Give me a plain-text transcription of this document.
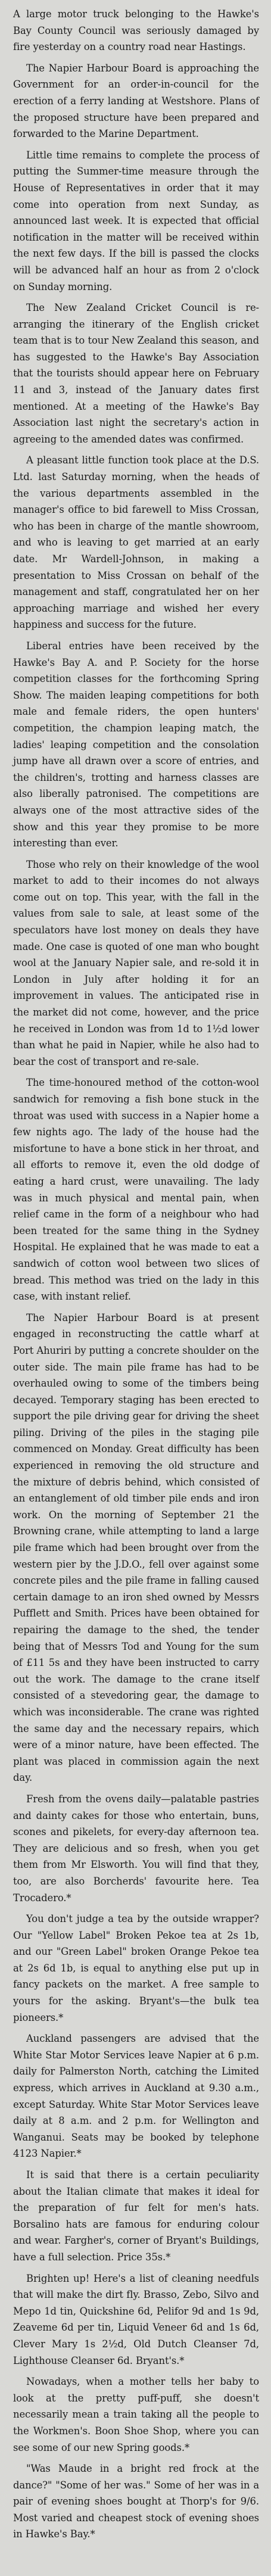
A large motor truck belonging to the Hawke's Bay County Council was seriously damaged by fire yesterday on a country road near Hastings.

The Napier Harbour Board is approaching the Government for an order-in-council for the erection of a ferry landing at Westshore. Plans of the proposed structure have been prepared and forwarded to the Marine Department.

Little time remains to complete the process of putting the Summer-time measure through the House of Representatives in order that it may come into operation from next Sunday, as announced last week. It is expected that official notification in the matter will be received within the next few days. If the bill is passed the clocks will be advanced half an hour as from 2 o'clock on Sunday morning.

The New Zealand Cricket Council is re-arranging the itinerary of the English cricket team that is to tour New Zealand this season, and has suggested to the Hawke's Bay Association that the tourists should appear here on February 11 and 3, instead of the January dates first mentioned. At a meeting of the Hawke's Bay Association last night the secretary's action in agreeing to the amended dates was confirmed.

A pleasant little function took place at the D.S. Ltd. last Saturday morning, when the heads of the various departments assembled in the manager's office to bid farewell to Miss Crossan, who has been in charge of the mantle showroom, and who is leaving to get married at an early date. Mr Wardell-Johnson, in making a presentation to Miss Crossan on behalf of the management and staff, congratulated her on her approaching marriage and wished her every happiness and success for the future.

Liberal entries have been received by the Hawke's Bay A. and P. Society for the horse competition classes for the forthcoming Spring Show. The maiden leaping competitions for both male and female riders, the open hunters' competition, the champion leaping match, the ladies' leaping competition and the consolation jump have all drawn over a score of entries, and the children's, trotting and harness classes are also liberally patronised. The competitions are always one of the most attractive sides of the show and this year they promise to be more interesting than ever.

Those who rely on their knowledge of the wool market to add to their incomes do not always come out on top. This year, with the fall in the values from sale to sale, at least some of the speculators have lost money on deals they have made. One case is quoted of one man who bought wool at the January Napier sale, and re-sold it in London in July after holding it for an improvement in values. The anticipated rise in the market did not come, however, and the price he received in London was from 1d to 1½d lower than what he paid in Napier, while he also had to bear the cost of transport and re-sale.

The time-honoured method of the cotton-wool sandwich for removing a fish bone stuck in the throat was used with success in a Napier home a few nights ago. The lady of the house had the misfortune to have a bone stick in her throat, and all efforts to remove it, even the old dodge of eating a hard crust, were unavailing. The lady was in much physical and mental pain, when relief came in the form of a neighbour who had been treated for the same thing in the Sydney Hospital. He explained that he was made to eat a sandwich of cotton wool between two slices of bread. This method was tried on the lady in this case, with instant relief.

The Napier Harbour Board is at present engaged in reconstructing the cattle wharf at Port Ahuriri by putting a concrete shoulder on the outer side. The main pile frame has had to be overhauled owing to some of the timbers being decayed. Temporary staging has been erected to support the pile driving gear for driving the sheet piling. Driving of the piles in the staging pile commenced on Monday. Great difficulty has been experienced in removing the old structure and the mixture of debris behind, which consisted of an entanglement of old timber pile ends and iron work. On the morning of September 21 the Browning crane, while attempting to land a large pile frame which had been brought over from the western pier by the J.D.O., fell over against some concrete piles and the pile frame in falling caused certain damage to an iron shed owned by Messrs Pufflett and Smith. Prices have been obtained for repairing the damage to the shed, the tender being that of Messrs Tod and Young for the sum of £11 5s and they have been instructed to carry out the work. The damage to the crane itself consisted of a stevedoring gear, the damage to which was inconsiderable. The crane was righted the same day and the necessary repairs, which were of a minor nature, have been effected. The plant was placed in commission again the next day.

Fresh from the ovens daily—palatable pastries and dainty cakes for those who entertain, buns, scones and pikelets, for every-day afternoon tea. They are delicious and so fresh, when you get them from Mr Elsworth. You will find that they, too, are also Borcherds' favourite here. Tea Trocadero.*

You don't judge a tea by the outside wrapper? Our "Yellow Label" Broken Pekoe tea at 2s 1b, and our "Green Label" broken Orange Pekoe tea at 2s 6d 1b, is equal to anything else put up in fancy packets on the market. A free sample to yours for the asking. Bryant's—the bulk tea pioneers.*

Auckland passengers are advised that the White Star Motor Services leave Napier at 6 p.m. daily for Palmerston North, catching the Limited express, which arrives in Auckland at 9.30 a.m., except Saturday. White Star Motor Services leave daily at 8 a.m. and 2 p.m. for Wellington and Wanganui. Seats may be booked by telephone 4123 Napier.*

It is said that there is a certain peculiarity about the Italian climate that makes it ideal for the preparation of fur felt for men's hats. Borsalino hats are famous for enduring colour and wear. Fargher's, corner of Bryant's Buildings, have a full selection. Price 35s.*

Brighten up! Here's a list of cleaning needfuls that will make the dirt fly. Brasso, Zebo, Silvo and Mepo 1d tin, Quickshine 6d, Pelifor 9d and 1s 9d, Zeaveme 6d per tin, Liquid Veneer 6d and 1s 6d, Clever Mary 1s 2½d, Old Dutch Cleanser 7d, Lighthouse Cleanser 6d. Bryant's.*

Nowadays, when a mother tells her baby to look at the pretty puff-puff, she doesn't necessarily mean a train taking all the people to the Workmen's. Boon Shoe Shop, where you can see some of our new Spring goods.*

"Was Maude in a bright red frock at the dance?" "Some of her was." Some of her was in a pair of evening shoes bought at Thorp's for 9/6. Most varied and cheapest stock of evening shoes in Hawke's Bay.*
